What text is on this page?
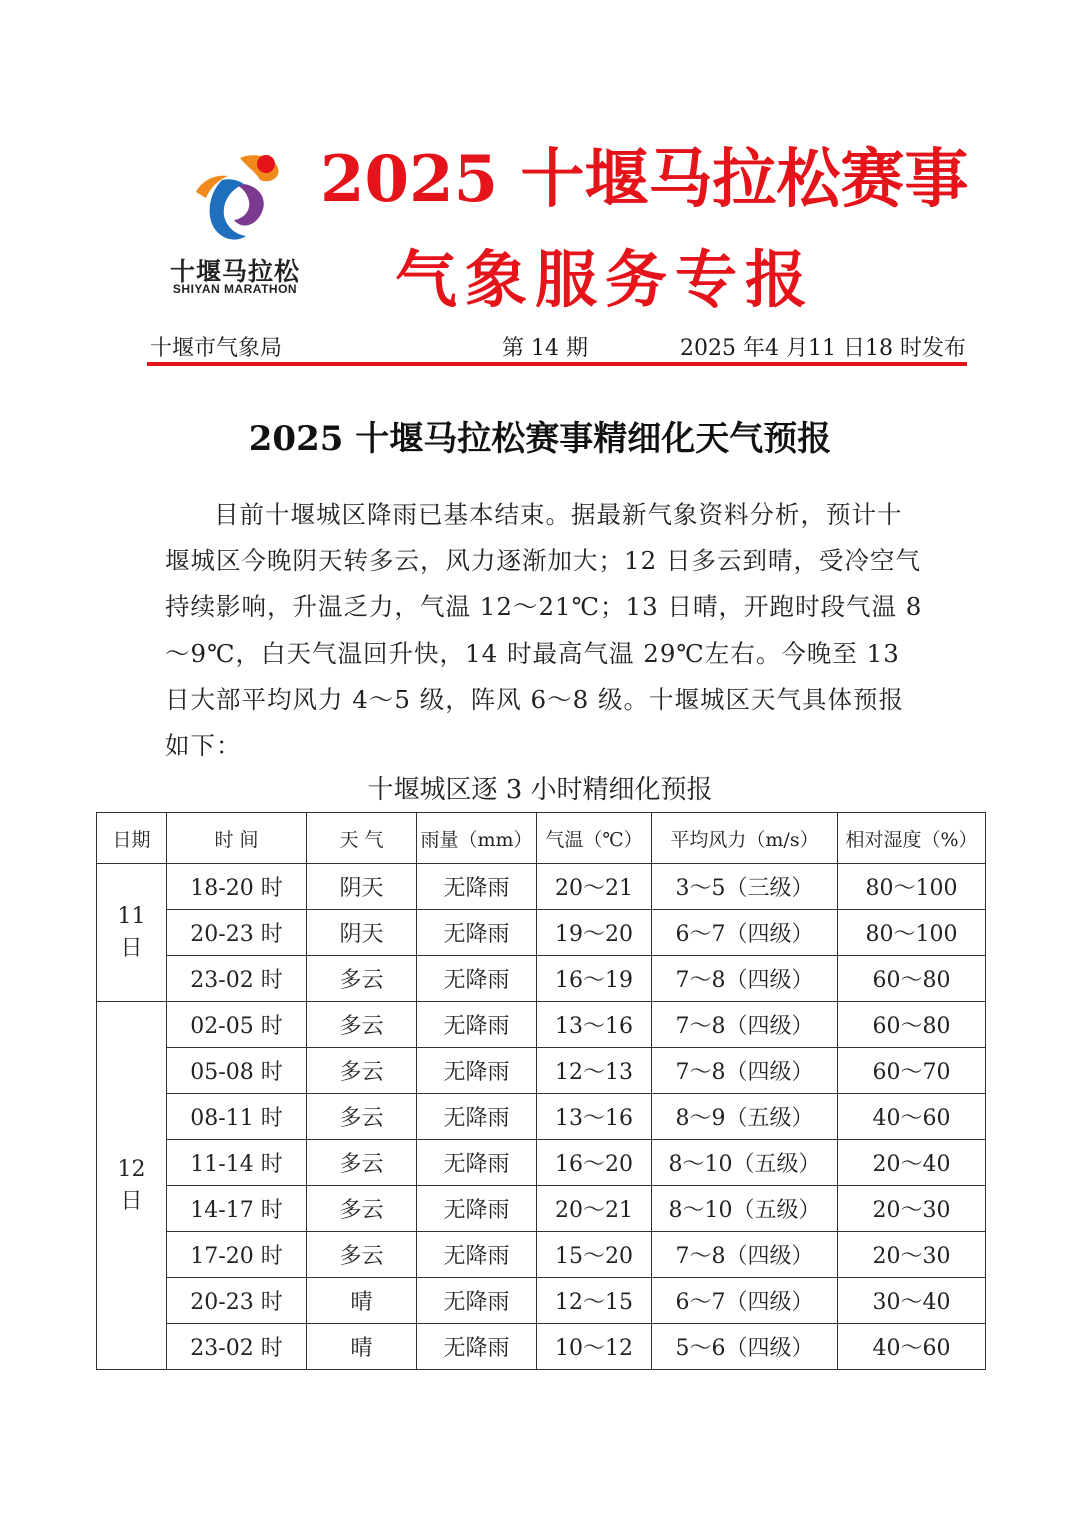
十堰马拉松
SHIYAN MARATHON
2025 十堰马拉松赛事
气象服务专报
十堰市气象局	第 14 期	2025 年4 月11 日18 时发布
2025 十堰马拉松赛事精细化天气预报
目前十堰城区降雨已基本结束。据最新气象资料分析，预计十堰城区今晚阴天转多云，风力逐渐加大；12 日多云到晴，受冷空气持续影响，升温乏力，气温 12～21℃；13 日晴，开跑时段气温 8～9℃，白天气温回升快，14 时最高气温 29℃左右。今晚至 13 日大部平均风力 4～5 级，阵风 6～8 级。十堰城区天气具体预报如下：
十堰城区逐 3 小时精细化预报
日期	时 间	天 气	雨量（mm）	气温（℃）	平均风力（m/s）	相对湿度（%）

11
日	18-20 时	阴天	无降雨	20～21	3～5（三级）	80～100
	20-23 时	阴天	无降雨	19～20	6～7（四级）	80～100
	23-02 时	多云	无降雨	16～19	7～8（四级）	60～80

12
日	02-05 时	多云	无降雨	13～16	7～8（四级）	60～80
	05-08 时	多云	无降雨	12～13	7～8（四级）	60～70
	08-11 时	多云	无降雨	13～16	8～9（五级）	40～60
	11-14 时	多云	无降雨	16～20	8～10（五级）	20～40
	14-17 时	多云	无降雨	20～21	8～10（五级）	20～30
	17-20 时	多云	无降雨	15～20	7～8（四级）	20～30
	20-23 时	晴	无降雨	12～15	6～7（四级）	30～40
	23-02 时	晴	无降雨	10～12	5～6（四级）	40～60
